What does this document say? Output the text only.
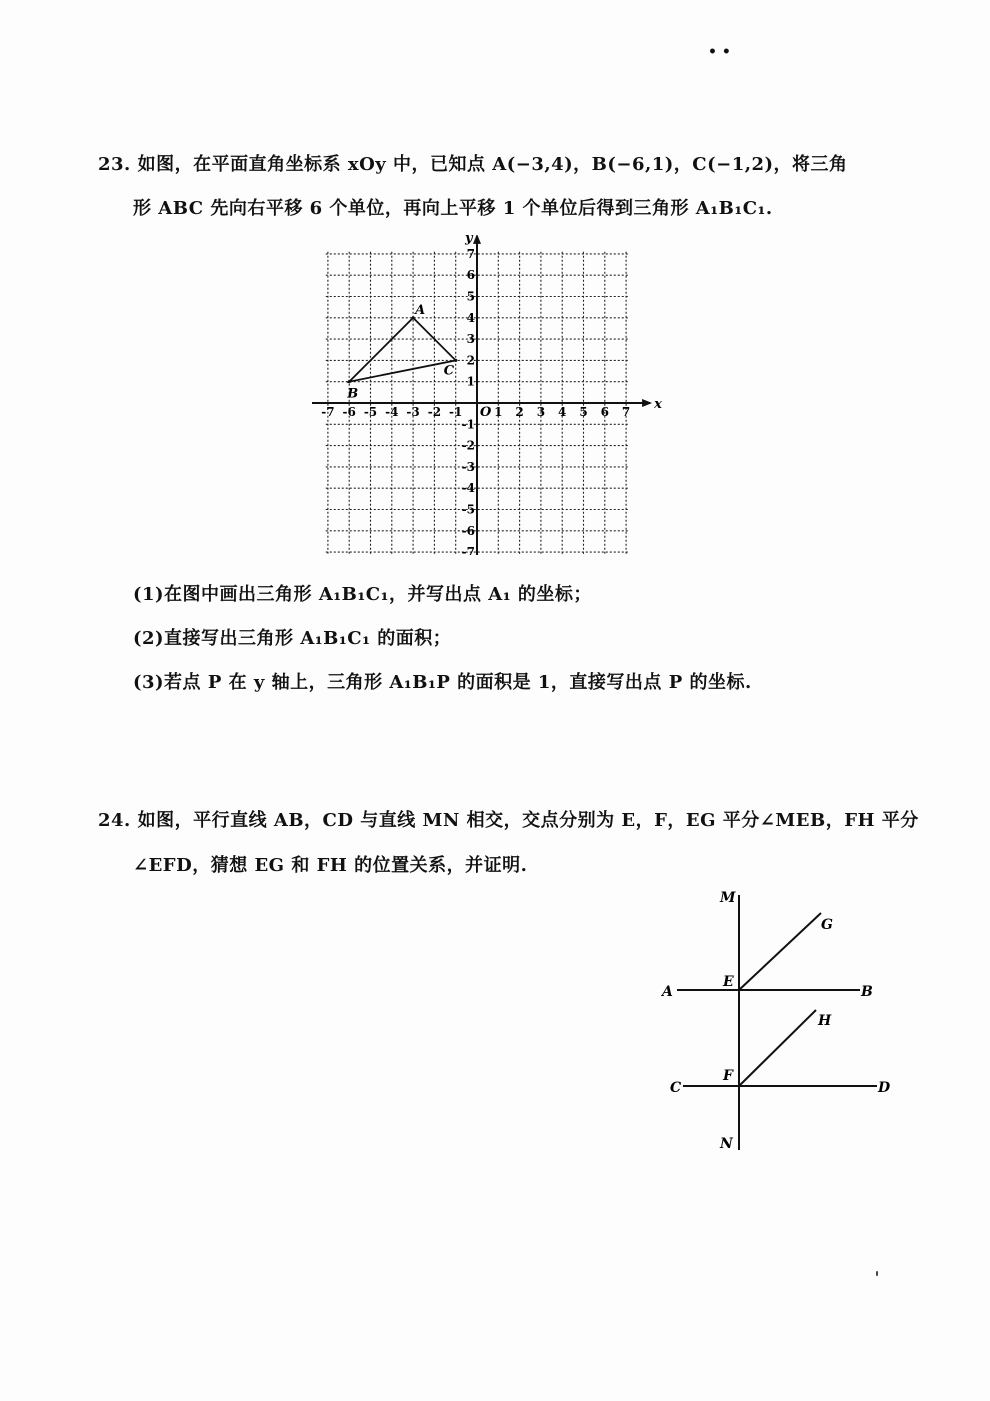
23. 如图，在平面直角坐标系 xOy 中，已知点 A(−3,4)，B(−6,1)，C(−1,2)，将三角
形 ABC 先向右平移 6 个单位，再向上平移 1 个单位后得到三角形 A₁B₁C₁.
x
y
O
-7 -6 -5 -4 -3 -2 -1	1 2 3 4 5 6 7
7
6
5
4
3
2
1
-1
-2
-3
-4
-5
-6
-7
A
B
C
(1)在图中画出三角形 A₁B₁C₁，并写出点 A₁ 的坐标；
(2)直接写出三角形 A₁B₁C₁ 的面积；
(3)若点 P 在 y 轴上，三角形 A₁B₁P 的面积是 1，直接写出点 P 的坐标.
24. 如图，平行直线 AB，CD 与直线 MN 相交，交点分别为 E，F，EG 平分∠MEB，FH 平分
∠EFD，猜想 EG 和 FH 的位置关系，并证明.
M
N
A	B
C	D
E
F
G
H
• •
